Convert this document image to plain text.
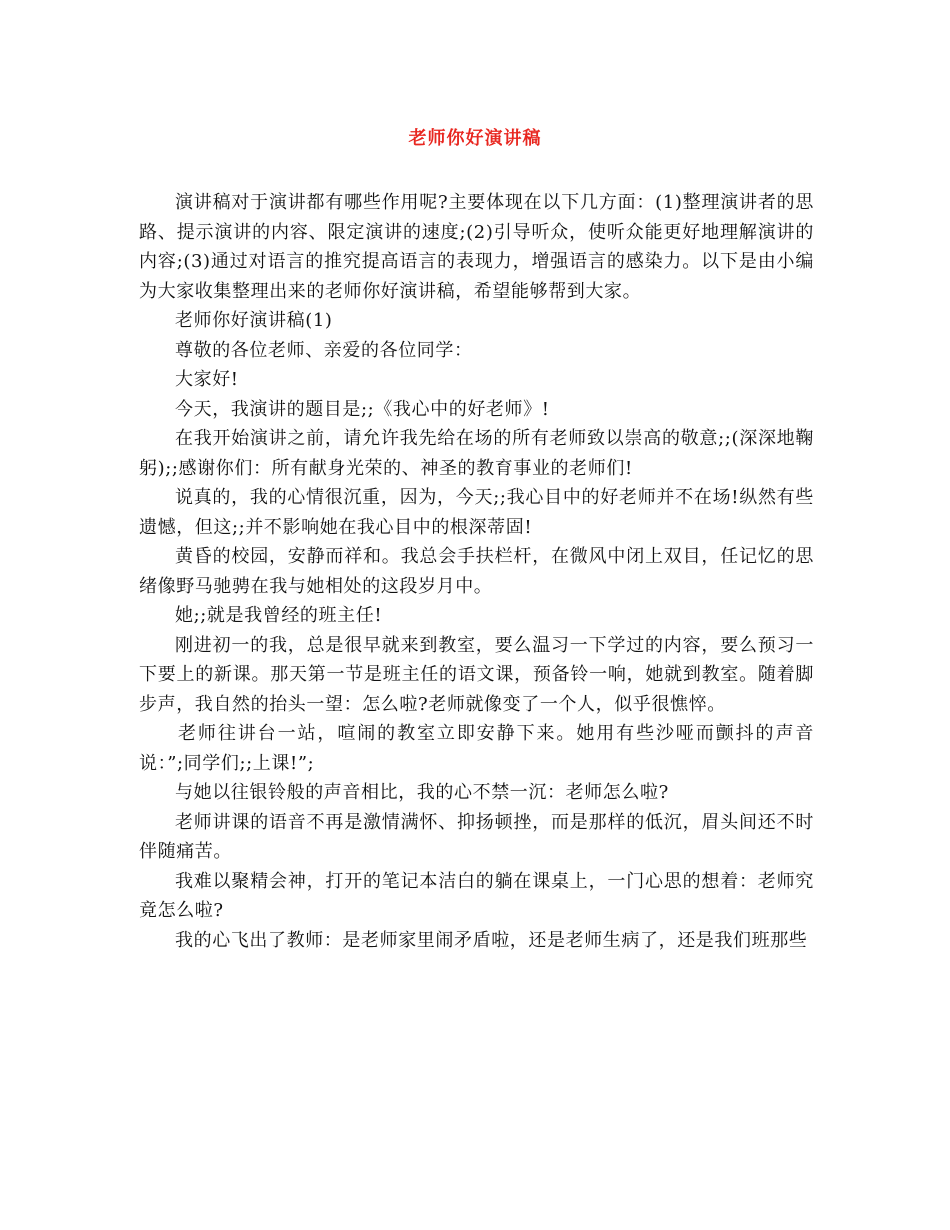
老师你好演讲稿

演讲稿对于演讲都有哪些作用呢?主要体现在以下几方面：(1)整理演讲者的思路、提示演讲的内容、限定演讲的速度;(2)引导听众，使听众能更好地理解演讲的内容;(3)通过对语言的推究提高语言的表现力，增强语言的感染力。以下是由小编为大家收集整理出来的老师你好演讲稿，希望能够帮到大家。

老师你好演讲稿(1)

尊敬的各位老师、亲爱的各位同学：

大家好!

今天，我演讲的题目是;;《我心中的好老师》!

在我开始演讲之前，请允许我先给在场的所有老师致以崇高的敬意;;(深深地鞠躬);;感谢你们：所有献身光荣的、神圣的教育事业的老师们!

说真的，我的心情很沉重，因为，今天;;我心目中的好老师并不在场!纵然有些遗憾，但这;;并不影响她在我心目中的根深蒂固!

黄昏的校园，安静而祥和。我总会手扶栏杆，在微风中闭上双目，任记忆的思绪像野马驰骋在我与她相处的这段岁月中。

她;;就是我曾经的班主任!

刚进初一的我，总是很早就来到教室，要么温习一下学过的内容，要么预习一下要上的新课。那天第一节是班主任的语文课，预备铃一响，她就到教室。随着脚步声，我自然的抬头一望：怎么啦?老师就像变了一个人，似乎很憔悴。

老师往讲台一站，喧闹的教室立即安静下来。她用有些沙哑而颤抖的声音说：”;同学们;;上课!”;

与她以往银铃般的声音相比，我的心不禁一沉：老师怎么啦?

老师讲课的语音不再是激情满怀、抑扬顿挫，而是那样的低沉，眉头间还不时伴随痛苦。

我难以聚精会神，打开的笔记本洁白的躺在课桌上，一门心思的想着：老师究竟怎么啦?

我的心飞出了教师：是老师家里闹矛盾啦，还是老师生病了，还是我们班那些
